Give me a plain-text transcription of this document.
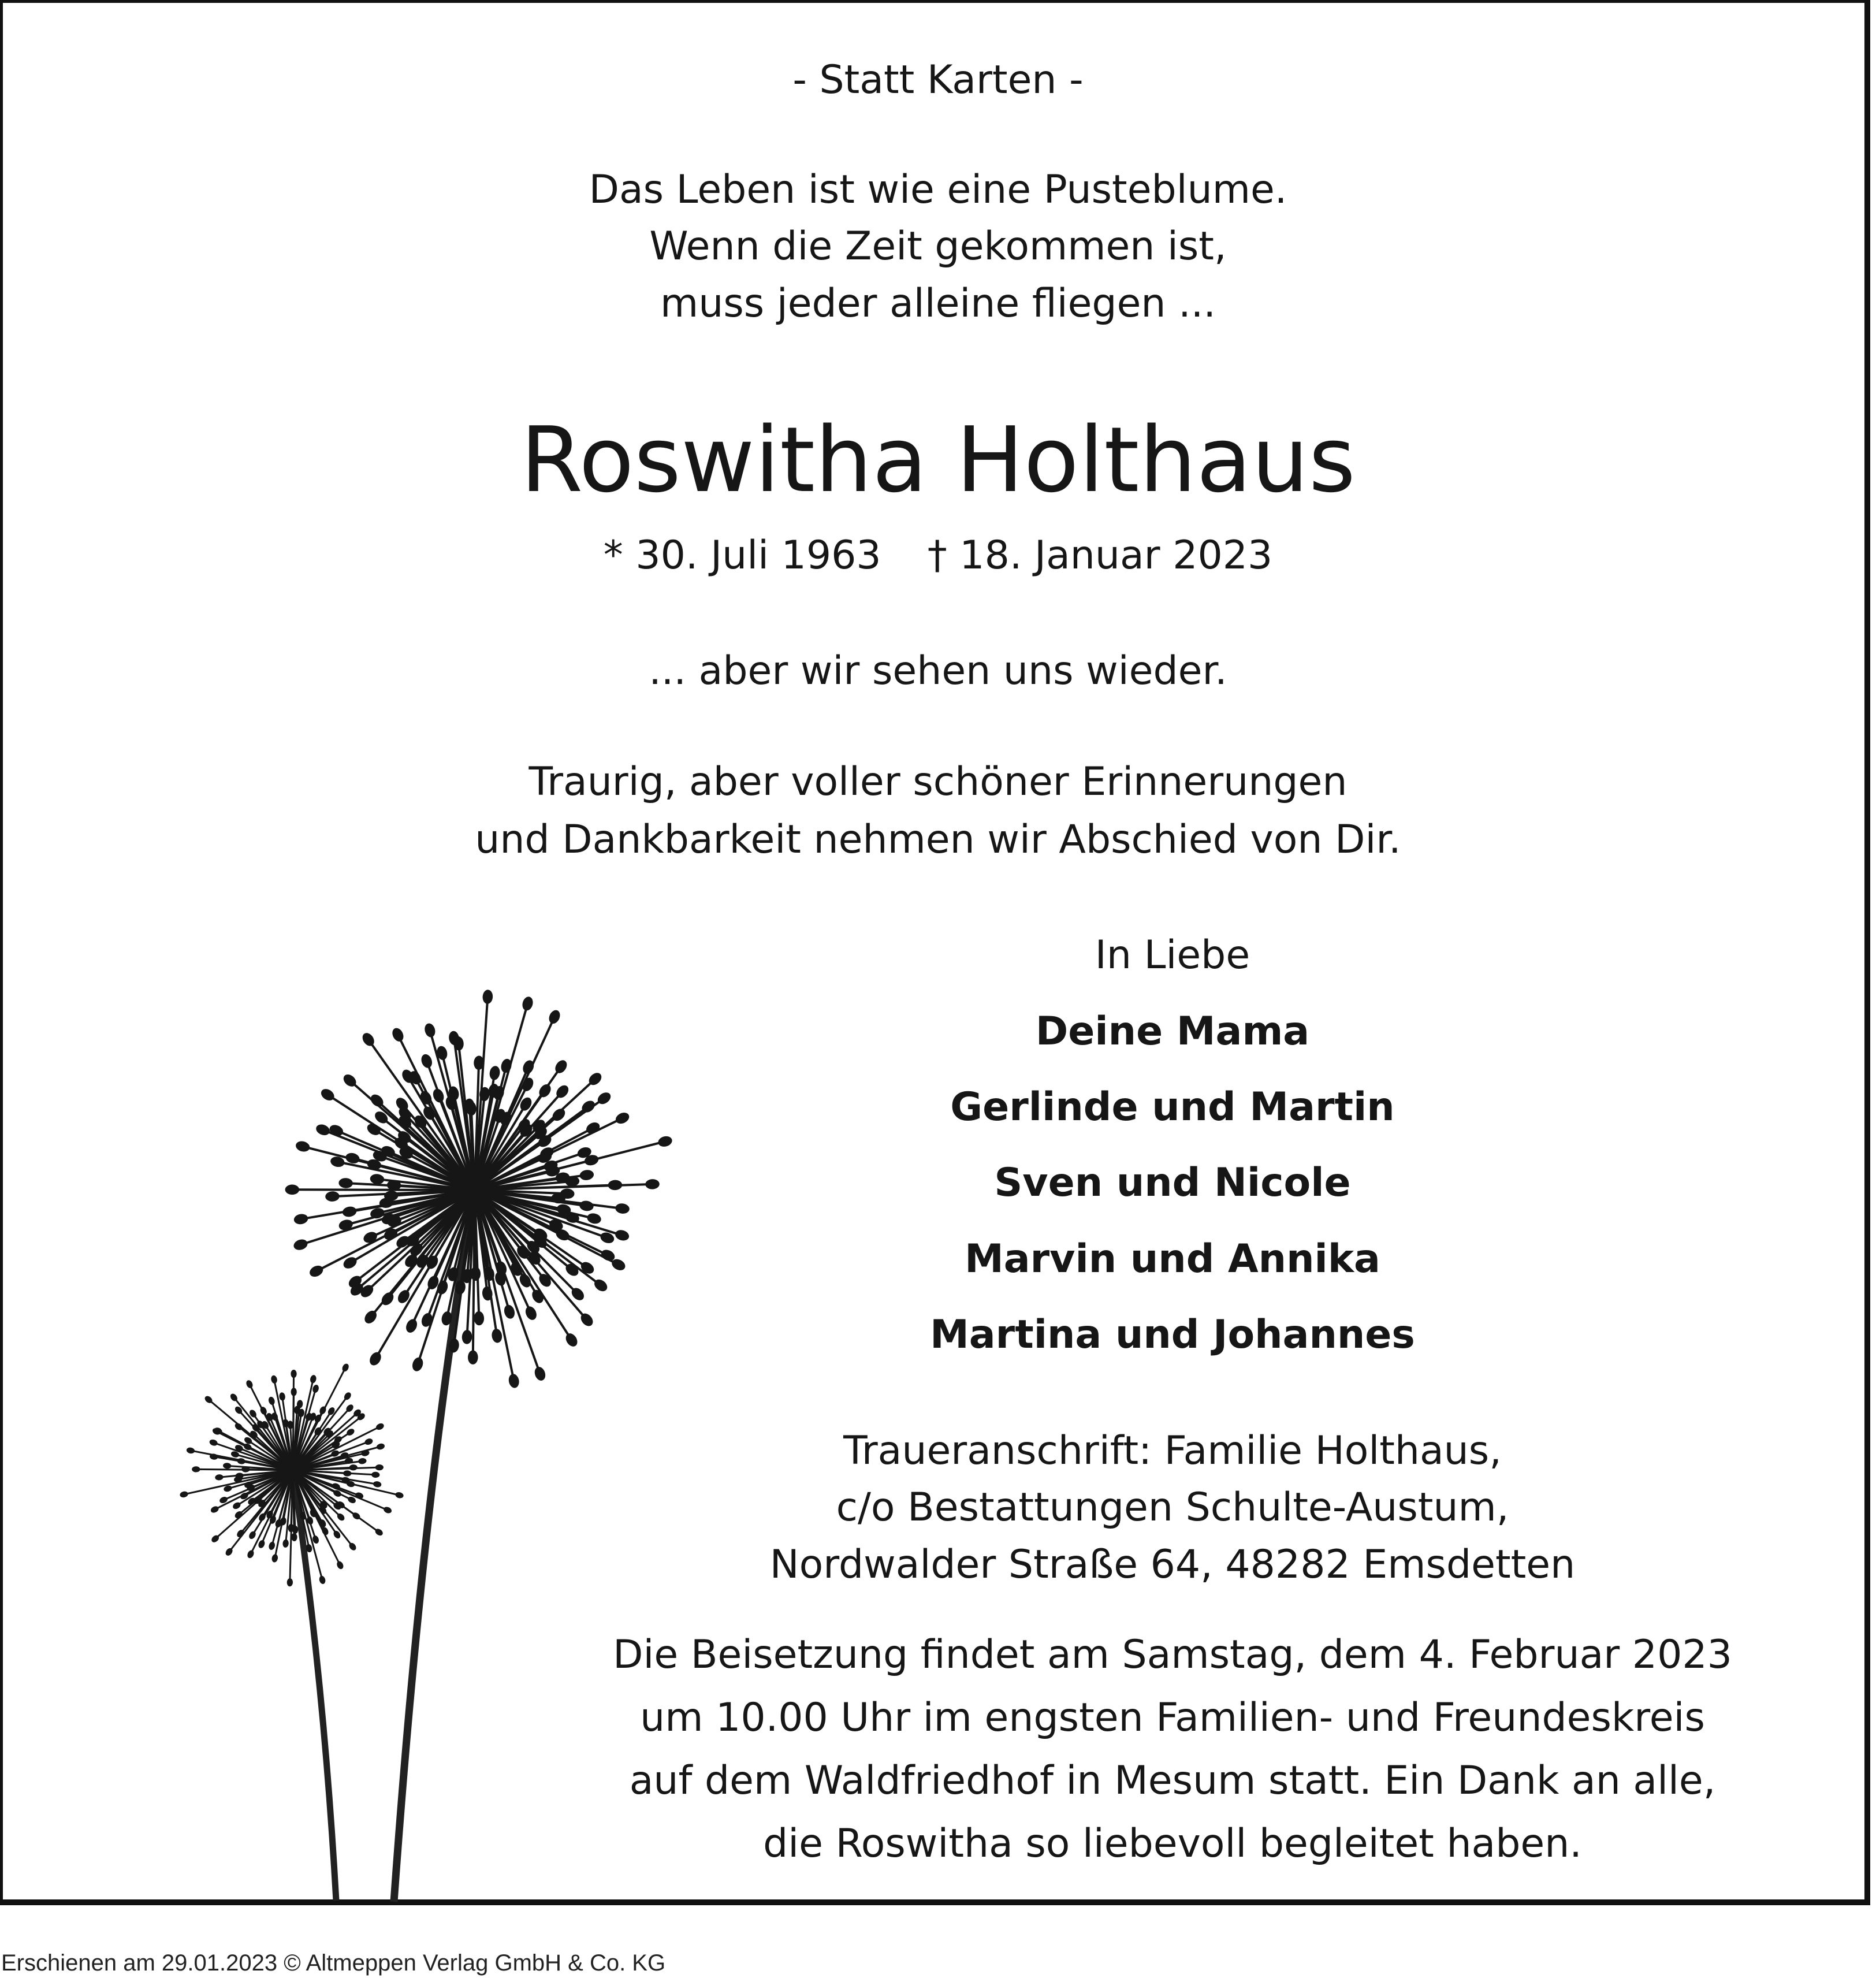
- Statt Karten -
Das Leben ist wie eine Pusteblume.
Wenn die Zeit gekommen ist,
muss jeder alleine fliegen ...
Roswitha Holthaus
* 30. Juli 1963 † 18. Januar 2023
... aber wir sehen uns wieder.
Traurig, aber voller schöner Erinnerungen
und Dankbarkeit nehmen wir Abschied von Dir.
In Liebe
Deine Mama
Gerlinde und Martin
Sven und Nicole
Marvin und Annika
Martina und Johannes
Traueranschrift: Familie Holthaus,
c/o Bestattungen Schulte-Austum,
Nordwalder Straße 64, 48282 Emsdetten
Die Beisetzung findet am Samstag, dem 4. Februar 2023
um 10.00 Uhr im engsten Familien- und Freundeskreis
auf dem Waldfriedhof in Mesum statt. Ein Dank an alle,
die Roswitha so liebevoll begleitet haben.
Erschienen am 29.01.2023 © Altmeppen Verlag GmbH & Co. KG
